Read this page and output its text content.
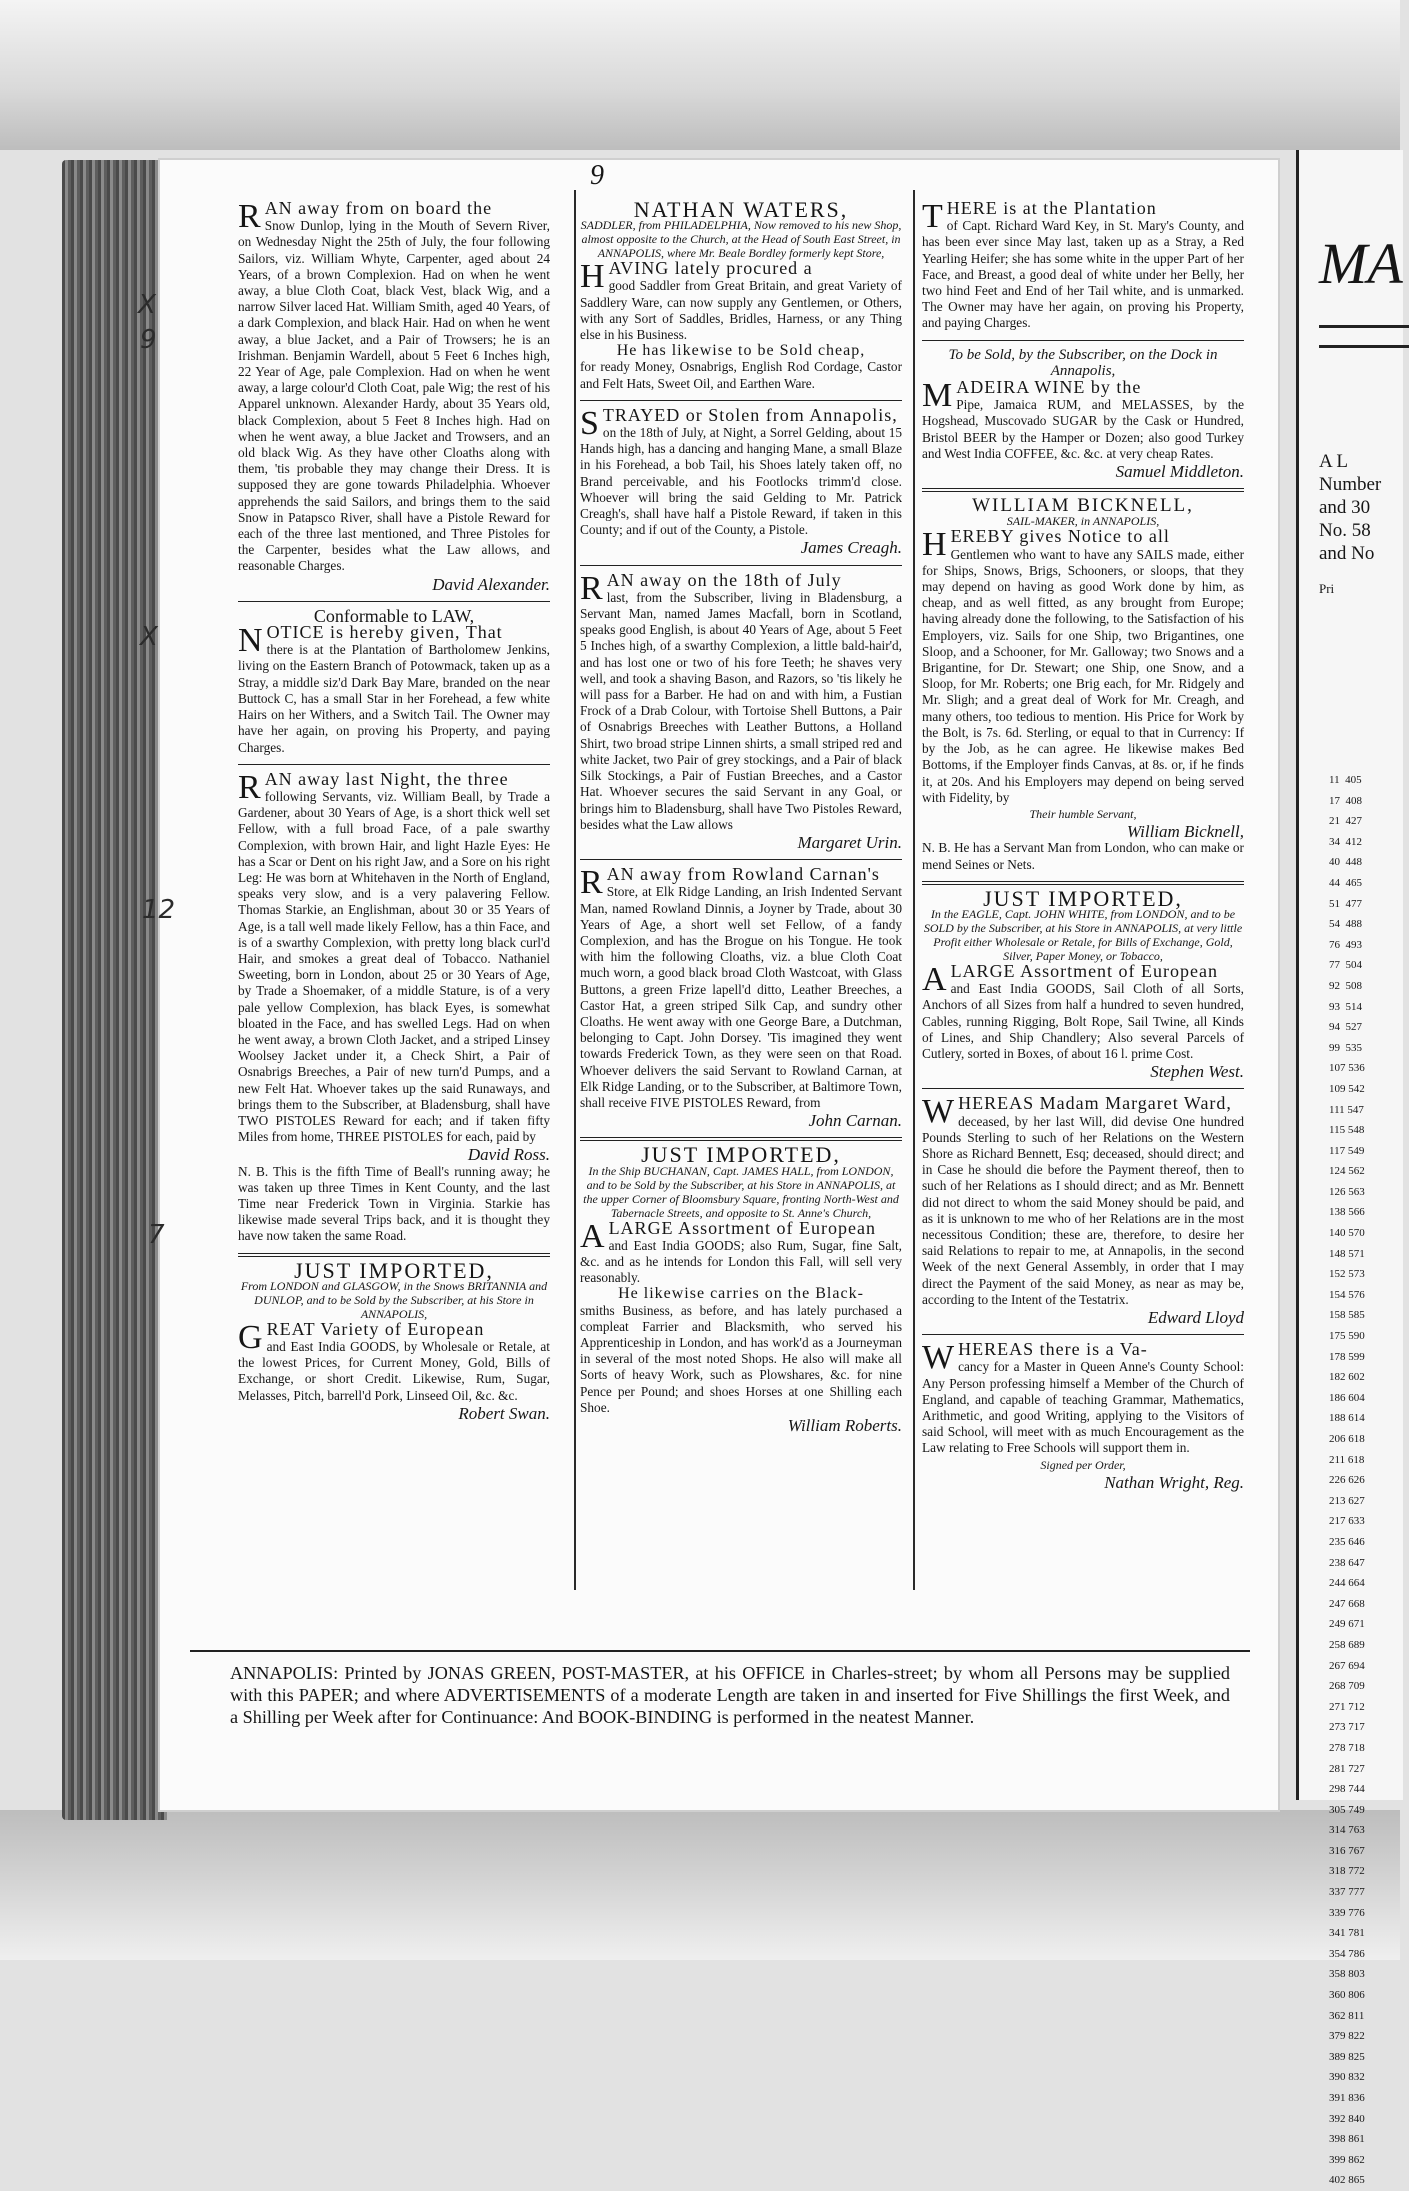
MA
A L
Number
and 30
No. 58
and No
Pri
11  405
17  408
21  427
34  412
40  448
44  465
51  477
54  488
76  493
77  504
92  508
93  514
94  527
99  535
107 536
109 542
111 547
115 548
117 549
124 562
126 563
138 566
140 570
148 571
152 573
154 576
158 585
175 590
178 599
182 602
186 604
188 614
206 618
211 618
226 626
213 627
217 633
235 646
238 647
244 664
247 668
249 671
258 689
267 694
268 709
271 712
273 717
278 718
281 727
298 744
305 749
314 763
316 767
318 772
337 777
339 776
341 781
354 786
358 803
360 806
362 811
379 822
389 825
390 832
391 836
392 840
398 861
399 862
402 865
9
R AN away from on board the

Snow Dunlop, lying in the Mouth of Severn River, on Wednesday Night the 25th of July, the four following Sailors, viz. William Whyte, Carpenter, aged about 24 Years, of a brown Complexion. Had on when he went away, a blue Cloth Coat, black Vest, black Wig, and a narrow Silver laced Hat. William Smith, aged 40 Years, of a dark Complexion, and black Hair. Had on when he went away, a blue Jacket, and a Pair of Trowsers; he is an Irishman. Benjamin Wardell, about 5 Feet 6 Inches high, 22 Year of Age, pale Complexion. Had on when he went away, a large colour'd Cloth Coat, pale Wig; the rest of his Apparel unknown. Alexander Hardy, about 35 Years old, black Complexion, about 5 Feet 8 Inches high. Had on when he went away, a blue Jacket and Trowsers, and an old black Wig. As they have other Cloaths along with them, 'tis probable they may change their Dress. It is supposed they are gone towards Philadelphia. Whoever apprehends the said Sailors, and brings them to the said Snow in Patapsco River, shall have a Pistole Reward for each of the three last mentioned, and Three Pistoles for the Carpenter, besides what the Law allows, and reasonable Charges.

David Alexander.
Conformable to LAW,
N OTICE is hereby given, That

there is at the Plantation of Bartholomew Jenkins, living on the Eastern Branch of Potowmack, taken up as a Stray, a middle siz'd Dark Bay Mare, branded on the near Buttock C, has a small Star in her Forehead, a few white Hairs on her Withers, and a Switch Tail. The Owner may have her again, on proving his Property, and paying Charges.

R AN away last Night, the three

following Servants, viz. William Beall, by Trade a Gardener, about 30 Years of Age, is a short thick well set Fellow, with a full broad Face, of a pale swarthy Complexion, with brown Hair, and light Hazle Eyes: He has a Scar or Dent on his right Jaw, and a Sore on his right Leg: He was born at Whitehaven in the North of England, speaks very slow, and is a very palavering Fellow. Thomas Starkie, an Englishman, about 30 or 35 Years of Age, is a tall well made likely Fellow, has a thin Face, and is of a swarthy Complexion, with pretty long black curl'd Hair, and smokes a great deal of Tobacco. Nathaniel Sweeting, born in London, about 25 or 30 Years of Age, by Trade a Shoemaker, of a middle Stature, is of a very pale yellow Complexion, has black Eyes, is somewhat bloated in the Face, and has swelled Legs. Had on when he went away, a brown Cloth Jacket, and a striped Linsey Woolsey Jacket under it, a Check Shirt, a Pair of Osnabrigs Breeches, a Pair of new turn'd Pumps, and a new Felt Hat. Whoever takes up the said Runaways, and brings them to the Subscriber, at Bladensburg, shall have TWO PISTOLES Reward for each; and if taken fifty Miles from home, THREE PISTOLES for each, paid by

David Ross.

N. B. This is the fifth Time of Beall's running away; he was taken up three Times in Kent County, and the last Time near Frederick Town in Virginia. Starkie has likewise made several Trips back, and it is thought they have now taken the same Road.

JUST IMPORTED,
From LONDON and GLASGOW, in the Snows BRITANNIA and DUNLOP, and to be Sold by the Subscriber, at his Store in ANNAPOLIS,
G REAT Variety of European

and East India GOODS, by Wholesale or Retale, at the lowest Prices, for Current Money, Gold, Bills of Exchange, or short Credit. Likewise, Rum, Sugar, Melasses, Pitch, barrell'd Pork, Linseed Oil, &c. &c.

Robert Swan.
NATHAN WATERS,
SADDLER, from PHILADELPHIA, Now removed to his new Shop, almost opposite to the Church, at the Head of South East Street, in ANNAPOLIS, where Mr. Beale Bordley formerly kept Store,
H AVING lately procured a

good Saddler from Great Britain, and great Variety of Saddlery Ware, can now supply any Gentlemen, or Others, with any Sort of Saddles, Bridles, Harness, or any Thing else in his Business.

He has likewise to be Sold cheap,

for ready Money, Osnabrigs, English Rod Cordage, Castor and Felt Hats, Sweet Oil, and Earthen Ware.

S TRAYED or Stolen from Annapolis,

on the 18th of July, at Night, a Sorrel Gelding, about 15 Hands high, has a dancing and hanging Mane, a small Blaze in his Forehead, a bob Tail, his Shoes lately taken off, no Brand perceivable, and his Footlocks trimm'd close. Whoever will bring the said Gelding to Mr. Patrick Creagh's, shall have half a Pistole Reward, if taken in this County; and if out of the County, a Pistole.

James Creagh.
R AN away on the 18th of July

last, from the Subscriber, living in Bladensburg, a Servant Man, named James Macfall, born in Scotland, speaks good English, is about 40 Years of Age, about 5 Feet 5 Inches high, of a swarthy Complexion, a little bald-hair'd, and has lost one or two of his fore Teeth; he shaves very well, and took a shaving Bason, and Razors, so 'tis likely he will pass for a Barber. He had on and with him, a Fustian Frock of a Drab Colour, with Tortoise Shell Buttons, a Pair of Osnabrigs Breeches with Leather Buttons, a Holland Shirt, two broad stripe Linnen shirts, a small striped red and white Jacket, two Pair of grey stockings, and a Pair of black Silk Stockings, a Pair of Fustian Breeches, and a Castor Hat. Whoever secures the said Servant in any Goal, or brings him to Bladensburg, shall have Two Pistoles Reward, besides what the Law allows

Margaret Urin.
R AN away from Rowland Carnan's

Store, at Elk Ridge Landing, an Irish Indented Servant Man, named Rowland Dinnis, a Joyner by Trade, about 30 Years of Age, a short well set Fellow, of a fandy Complexion, and has the Brogue on his Tongue. He took with him the following Cloaths, viz. a blue Cloth Coat much worn, a good black broad Cloth Wastcoat, with Glass Buttons, a green Frize lapell'd ditto, Leather Breeches, a Castor Hat, a green striped Silk Cap, and sundry other Cloaths. He went away with one George Bare, a Dutchman, belonging to Capt. John Dorsey. 'Tis imagined they went towards Frederick Town, as they were seen on that Road. Whoever delivers the said Servant to Rowland Carnan, at Elk Ridge Landing, or to the Subscriber, at Baltimore Town, shall receive FIVE PISTOLES Reward, from

John Carnan.
JUST IMPORTED,
In the Ship BUCHANAN, Capt. JAMES HALL, from LONDON, and to be Sold by the Subscriber, at his Store in ANNAPOLIS, at the upper Corner of Bloomsbury Square, fronting North-West and Tabernacle Streets, and opposite to St. Anne's Church,
A LARGE Assortment of European

and East India GOODS; also Rum, Sugar, fine Salt, &c. and as he intends for London this Fall, will sell very reasonably.

He likewise carries on the Black-

smiths Business, as before, and has lately purchased a compleat Farrier and Blacksmith, who served his Apprenticeship in London, and has work'd as a Journeyman in several of the most noted Shops. He also will make all Sorts of heavy Work, such as Plowshares, &c. for nine Pence per Pound; and shoes Horses at one Shilling each Shoe.

William Roberts.
T HERE is at the Plantation

of Capt. Richard Ward Key, in St. Mary's County, and has been ever since May last, taken up as a Stray, a Red Yearling Heifer; she has some white in the upper Part of her Face, and Breast, a good deal of white under her Belly, her two hind Feet and End of her Tail white, and is unmarked. The Owner may have her again, on proving his Property, and paying Charges.

To be Sold, by the Subscriber, on the Dock in Annapolis,
M ADEIRA WINE by the

Pipe, Jamaica RUM, and MELASSES, by the Hogshead, Muscovado SUGAR by the Cask or Hundred, Bristol BEER by the Hamper or Dozen; also good Turkey and West India COFFEE, &c. &c. at very cheap Rates.

Samuel Middleton.
WILLIAM BICKNELL,
SAIL-MAKER, in ANNAPOLIS,
H EREBY gives Notice to all

Gentlemen who want to have any SAILS made, either for Ships, Snows, Brigs, Schooners, or sloops, that they may depend on having as good Work done by him, as cheap, and as well fitted, as any brought from Europe; having already done the following, to the Satisfaction of his Employers, viz. Sails for one Ship, two Brigantines, one Sloop, and a Schooner, for Mr. Galloway; two Snows and a Brigantine, for Dr. Stewart; one Ship, one Snow, and a Sloop, for Mr. Roberts; one Brig each, for Mr. Ridgely and Mr. Sligh; and a great deal of Work for Mr. Creagh, and many others, too tedious to mention. His Price for Work by the Bolt, is 7s. 6d. Sterling, or equal to that in Currency: If by the Job, as he can agree. He likewise makes Bed Bottoms, if the Employer finds Canvas, at 8s. or, if he finds it, at 20s. And his Employers may depend on being served with Fidelity, by

Their humble Servant,
William Bicknell,

N. B. He has a Servant Man from London, who can make or mend Seines or Nets.

JUST IMPORTED,
In the EAGLE, Capt. JOHN WHITE, from LONDON, and to be SOLD by the Subscriber, at his Store in ANNAPOLIS, at very little Profit either Wholesale or Retale, for Bills of Exchange, Gold, Silver, Paper Money, or Tobacco,
A LARGE Assortment of European

and East India GOODS, Sail Cloth of all Sorts, Anchors of all Sizes from half a hundred to seven hundred, Cables, running Rigging, Bolt Rope, Sail Twine, all Kinds of Lines, and Ship Chandlery; Also several Parcels of Cutlery, sorted in Boxes, of about 16 l. prime Cost.

Stephen West.
W HEREAS Madam Margaret Ward,

deceased, by her last Will, did devise One hundred Pounds Sterling to such of her Relations on the Western Shore as Richard Bennett, Esq; deceased, should direct; and in Case he should die before the Payment thereof, then to such of her Relations as I should direct; and as Mr. Bennett did not direct to whom the said Money should be paid, and as it is unknown to me who of her Relations are in the most necessitous Condition; these are, therefore, to desire her said Relations to repair to me, at Annapolis, in the second Week of the next General Assembly, in order that I may direct the Payment of the said Money, as near as may be, according to the Intent of the Testatrix.

Edward Lloyd
W HEREAS there is a Va-

cancy for a Master in Queen Anne's County School: Any Person professing himself a Member of the Church of England, and capable of teaching Grammar, Mathematics, Arithmetic, and good Writing, applying to the Visitors of said School, will meet with as much Encouragement as the Law relating to Free Schools will support them in.

Signed per Order,
Nathan Wright, Reg.
ANNAPOLIS: Printed by JONAS GREEN, POST-MASTER, at his OFFICE in Charles-street; by whom all Persons may be supplied with this PAPER; and where ADVERTISEMENTS of a moderate Length are taken in and inserted for Five Shillings the first Week, and a Shilling per Week after for Continuance: And BOOK-BINDING is performed in the neatest Manner.
X
9
X
12
7
